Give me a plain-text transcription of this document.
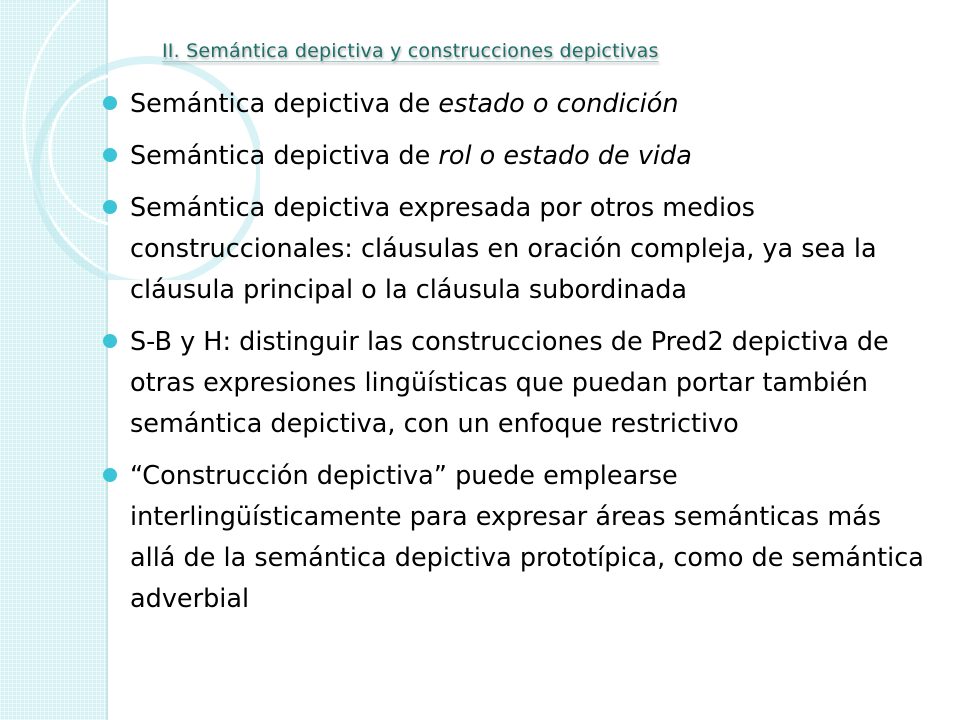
II. Semántica depictiva y construcciones depictivas
Semántica depictiva de estado o condición
Semántica depictiva de rol o estado de vida
Semántica depictiva expresada por otros medios construccionales: cláusulas en oración compleja, ya sea la cláusula principal o la cláusula subordinada
S-B y H: distinguir las construcciones de Pred2 depictiva de otras expresiones lingüísticas que puedan portar también semántica depictiva, con un enfoque restrictivo
“Construcción depictiva” puede emplearse interlingüísticamente para expresar áreas semánticas más allá de la semántica depictiva prototípica, como de semántica adverbial
